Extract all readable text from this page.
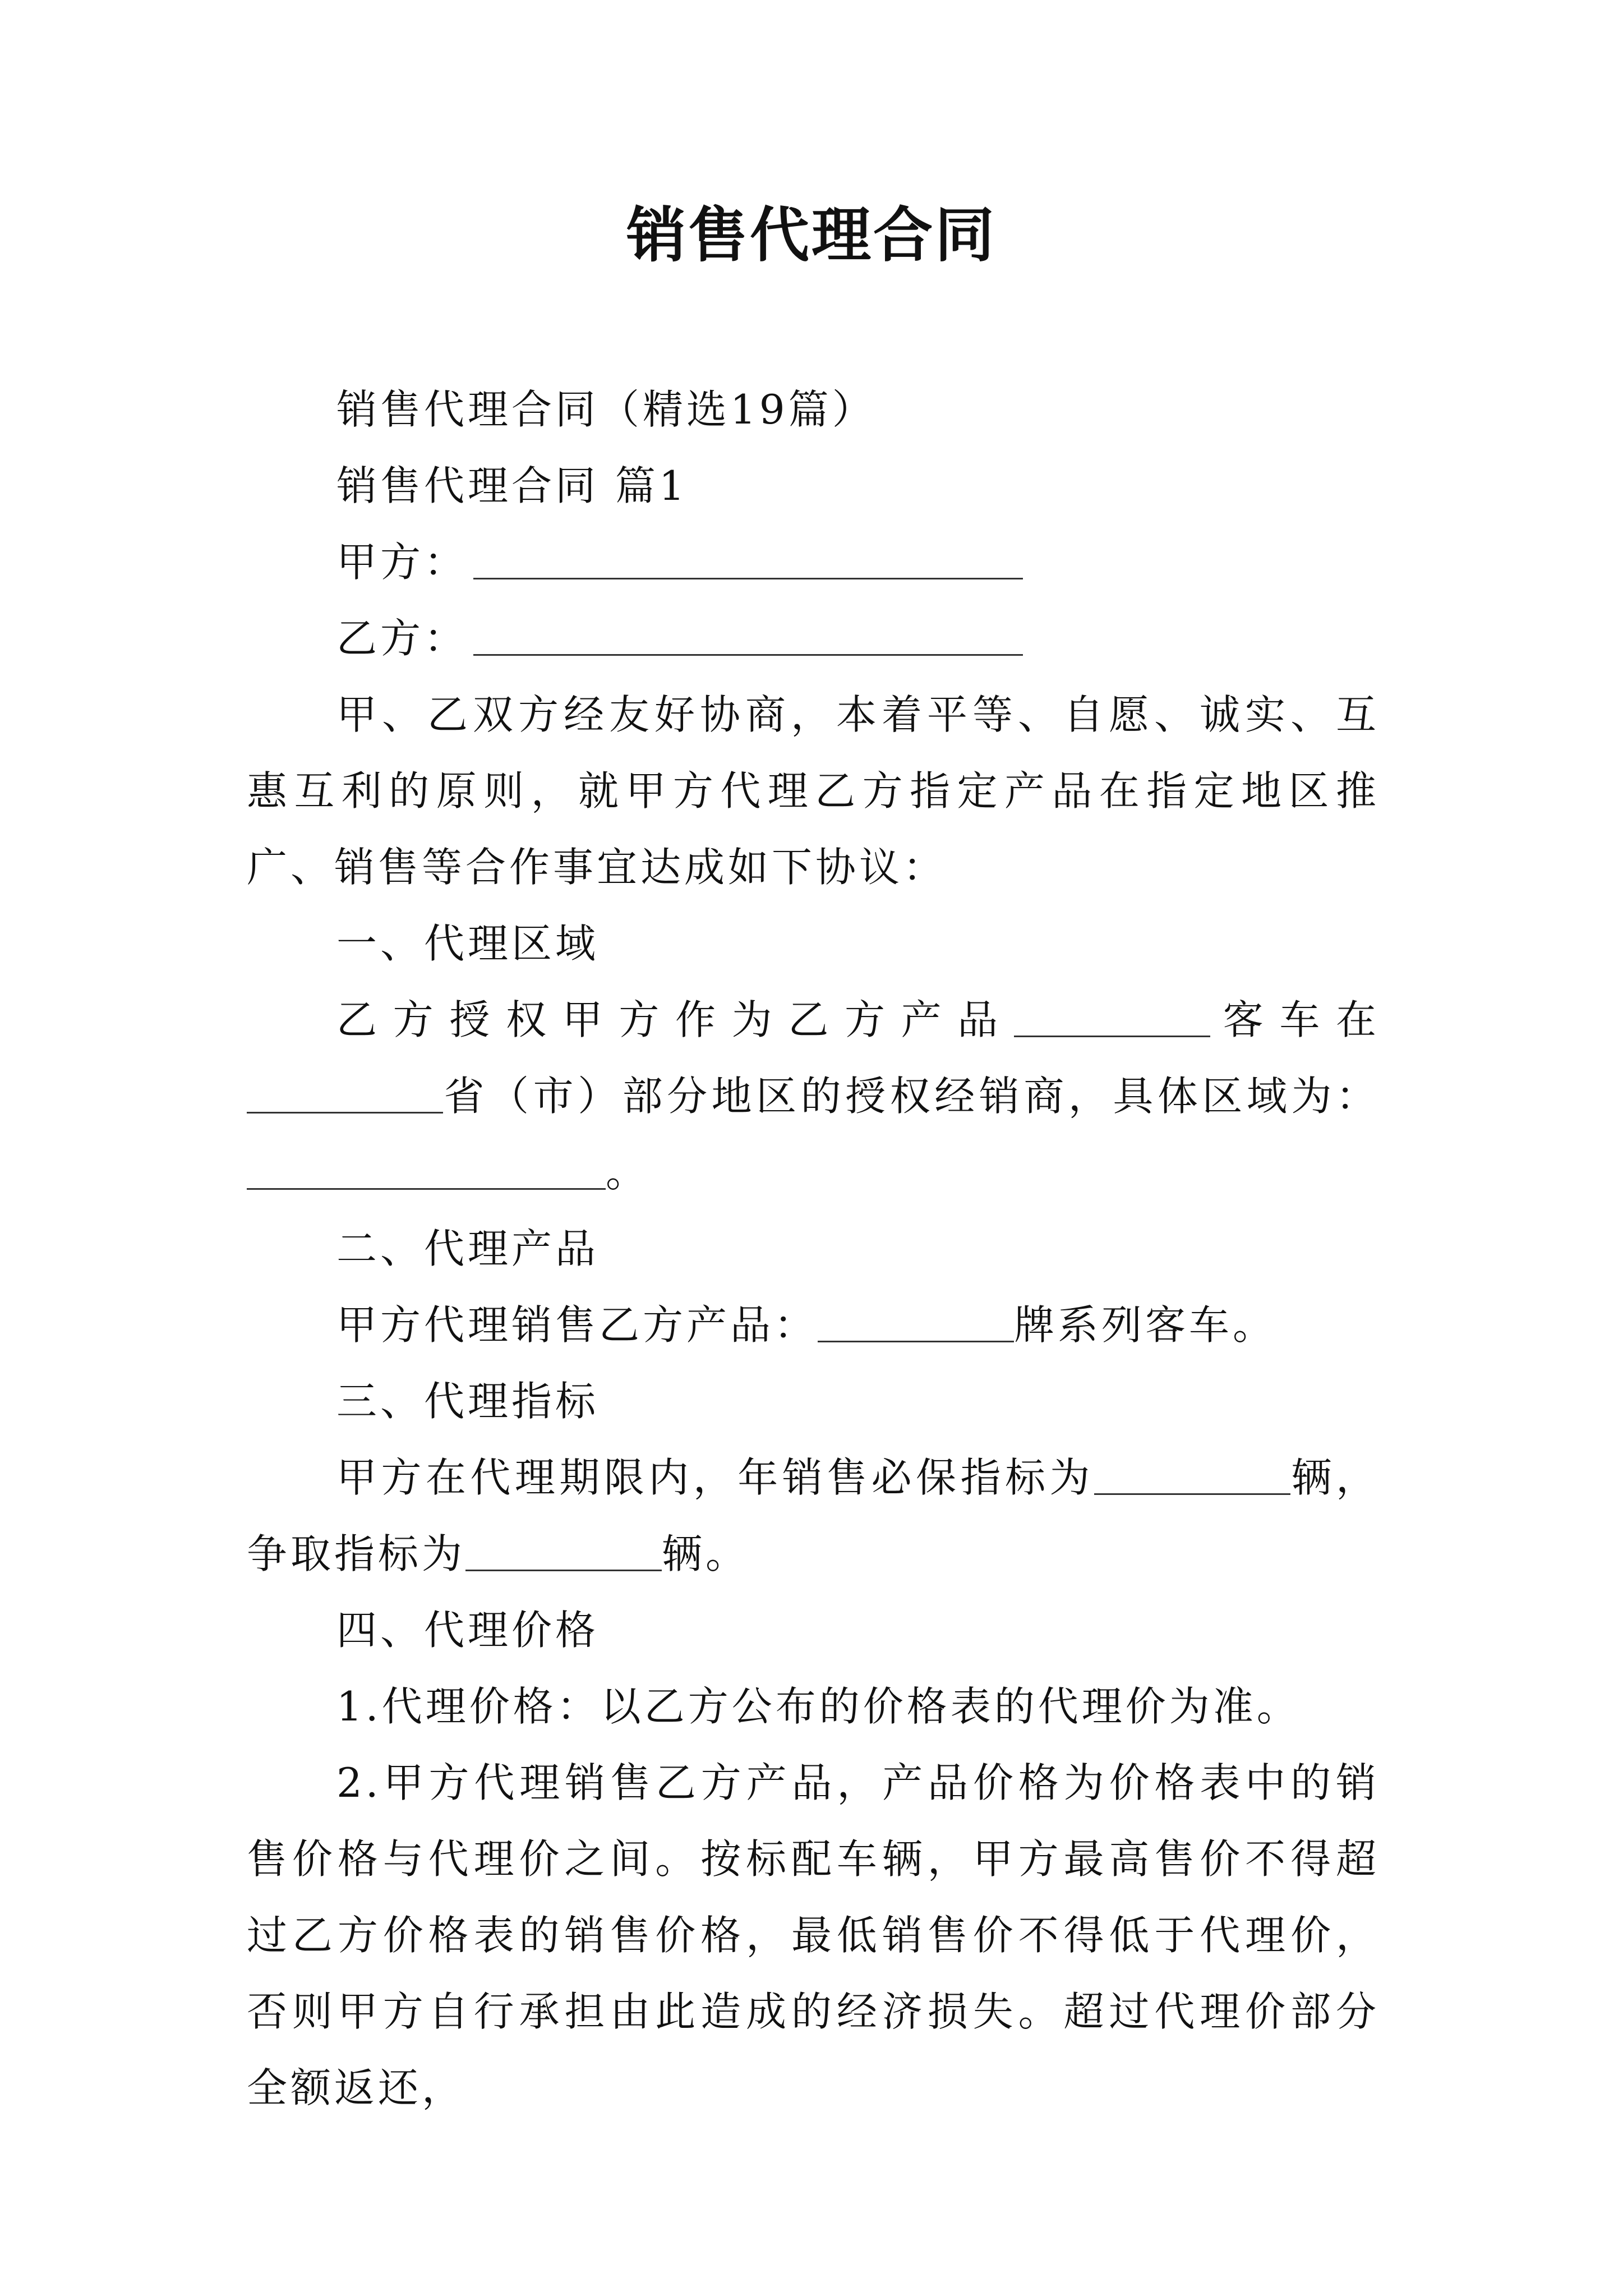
销售代理合同

销售代理合同（精选19篇）

销售代理合同 篇1

甲方：

乙方：

甲、乙双方经友好协商，本着平等、自愿、诚实、互惠互利的原则，就甲方代理乙方指定产品在指定地区推广、销售等合作事宜达成如下协议：

一、代理区域

乙方授权甲方作为乙方产品	客车在省（市）部分地区的授权经销商，具体区域为：

。

二、代理产品

甲方代理销售乙方产品：	牌系列客车。

三、代理指标

甲方在代理期限内，年销售必保指标为	辆，争取指标为	辆。

四、代理价格

1.代理价格：以乙方公布的价格表的代理价为准。

2.甲方代理销售乙方产品，产品价格为价格表中的销售价格与代理价之间。按标配车辆，甲方最高售价不得超过乙方价格表的销售价格，最低销售价不得低于代理价，否则甲方自行承担由此造成的经济损失。超过代理价部分全额返还，
